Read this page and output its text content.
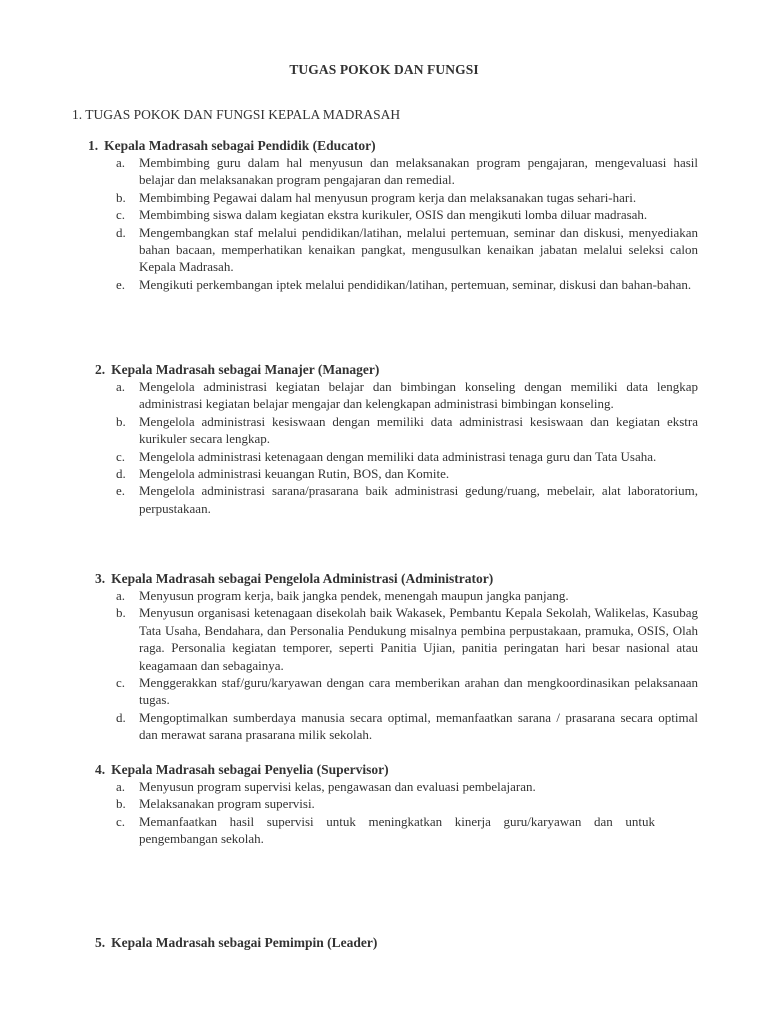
TUGAS POKOK DAN FUNGSI
1. TUGAS POKOK DAN FUNGSI KEPALA MADRASAH
1. Kepala Madrasah sebagai Pendidik (Educator)
a. Membimbing guru dalam hal menyusun dan melaksanakan program pengajaran, mengevaluasi hasil belajar dan melaksanakan program pengajaran dan remedial.
b. Membimbing Pegawai dalam hal menyusun program kerja dan melaksanakan tugas sehari-hari.
c. Membimbing siswa dalam kegiatan ekstra kurikuler, OSIS dan mengikuti lomba diluar madrasah.
d. Mengembangkan staf melalui pendidikan/latihan, melalui pertemuan, seminar dan diskusi, menyediakan bahan bacaan, memperhatikan kenaikan pangkat, mengusulkan kenaikan jabatan melalui seleksi calon Kepala Madrasah.
e. Mengikuti perkembangan iptek melalui pendidikan/latihan, pertemuan, seminar, diskusi dan bahan-bahan.
2. Kepala Madrasah sebagai Manajer (Manager)
a. Mengelola administrasi kegiatan belajar dan bimbingan konseling dengan memiliki data lengkap administrasi kegiatan belajar mengajar dan kelengkapan administrasi bimbingan konseling.
b. Mengelola administrasi kesiswaan dengan memiliki data administrasi kesiswaan dan kegiatan ekstra kurikuler secara lengkap.
c. Mengelola administrasi ketenagaan dengan memiliki data administrasi tenaga guru dan Tata Usaha.
d. Mengelola administrasi keuangan Rutin, BOS, dan Komite.
e. Mengelola administrasi sarana/prasarana baik administrasi gedung/ruang, mebelair, alat laboratorium, perpustakaan.
3. Kepala Madrasah sebagai Pengelola Administrasi (Administrator)
a. Menyusun program kerja, baik jangka pendek, menengah maupun jangka panjang.
b. Menyusun organisasi ketenagaan disekolah baik Wakasek, Pembantu Kepala Sekolah, Walikelas, Kasubag Tata Usaha, Bendahara, dan Personalia Pendukung misalnya pembina perpustakaan, pramuka, OSIS, Olah raga. Personalia kegiatan temporer, seperti Panitia Ujian, panitia peringatan hari besar nasional atau keagamaan dan sebagainya.
c. Menggerakkan staf/guru/karyawan dengan cara memberikan arahan dan mengkoordinasikan pelaksanaan tugas.
d. Mengoptimalkan sumberdaya manusia secara optimal, memanfaatkan sarana / prasarana secara optimal dan merawat sarana prasarana milik sekolah.
4. Kepala Madrasah sebagai Penyelia (Supervisor)
a. Menyusun program supervisi kelas, pengawasan dan evaluasi pembelajaran.
b. Melaksanakan program supervisi.
c. Memanfaatkan hasil supervisi untuk meningkatkan kinerja guru/karyawan dan untuk pengembangan sekolah.
5. Kepala Madrasah sebagai Pemimpin (Leader)
